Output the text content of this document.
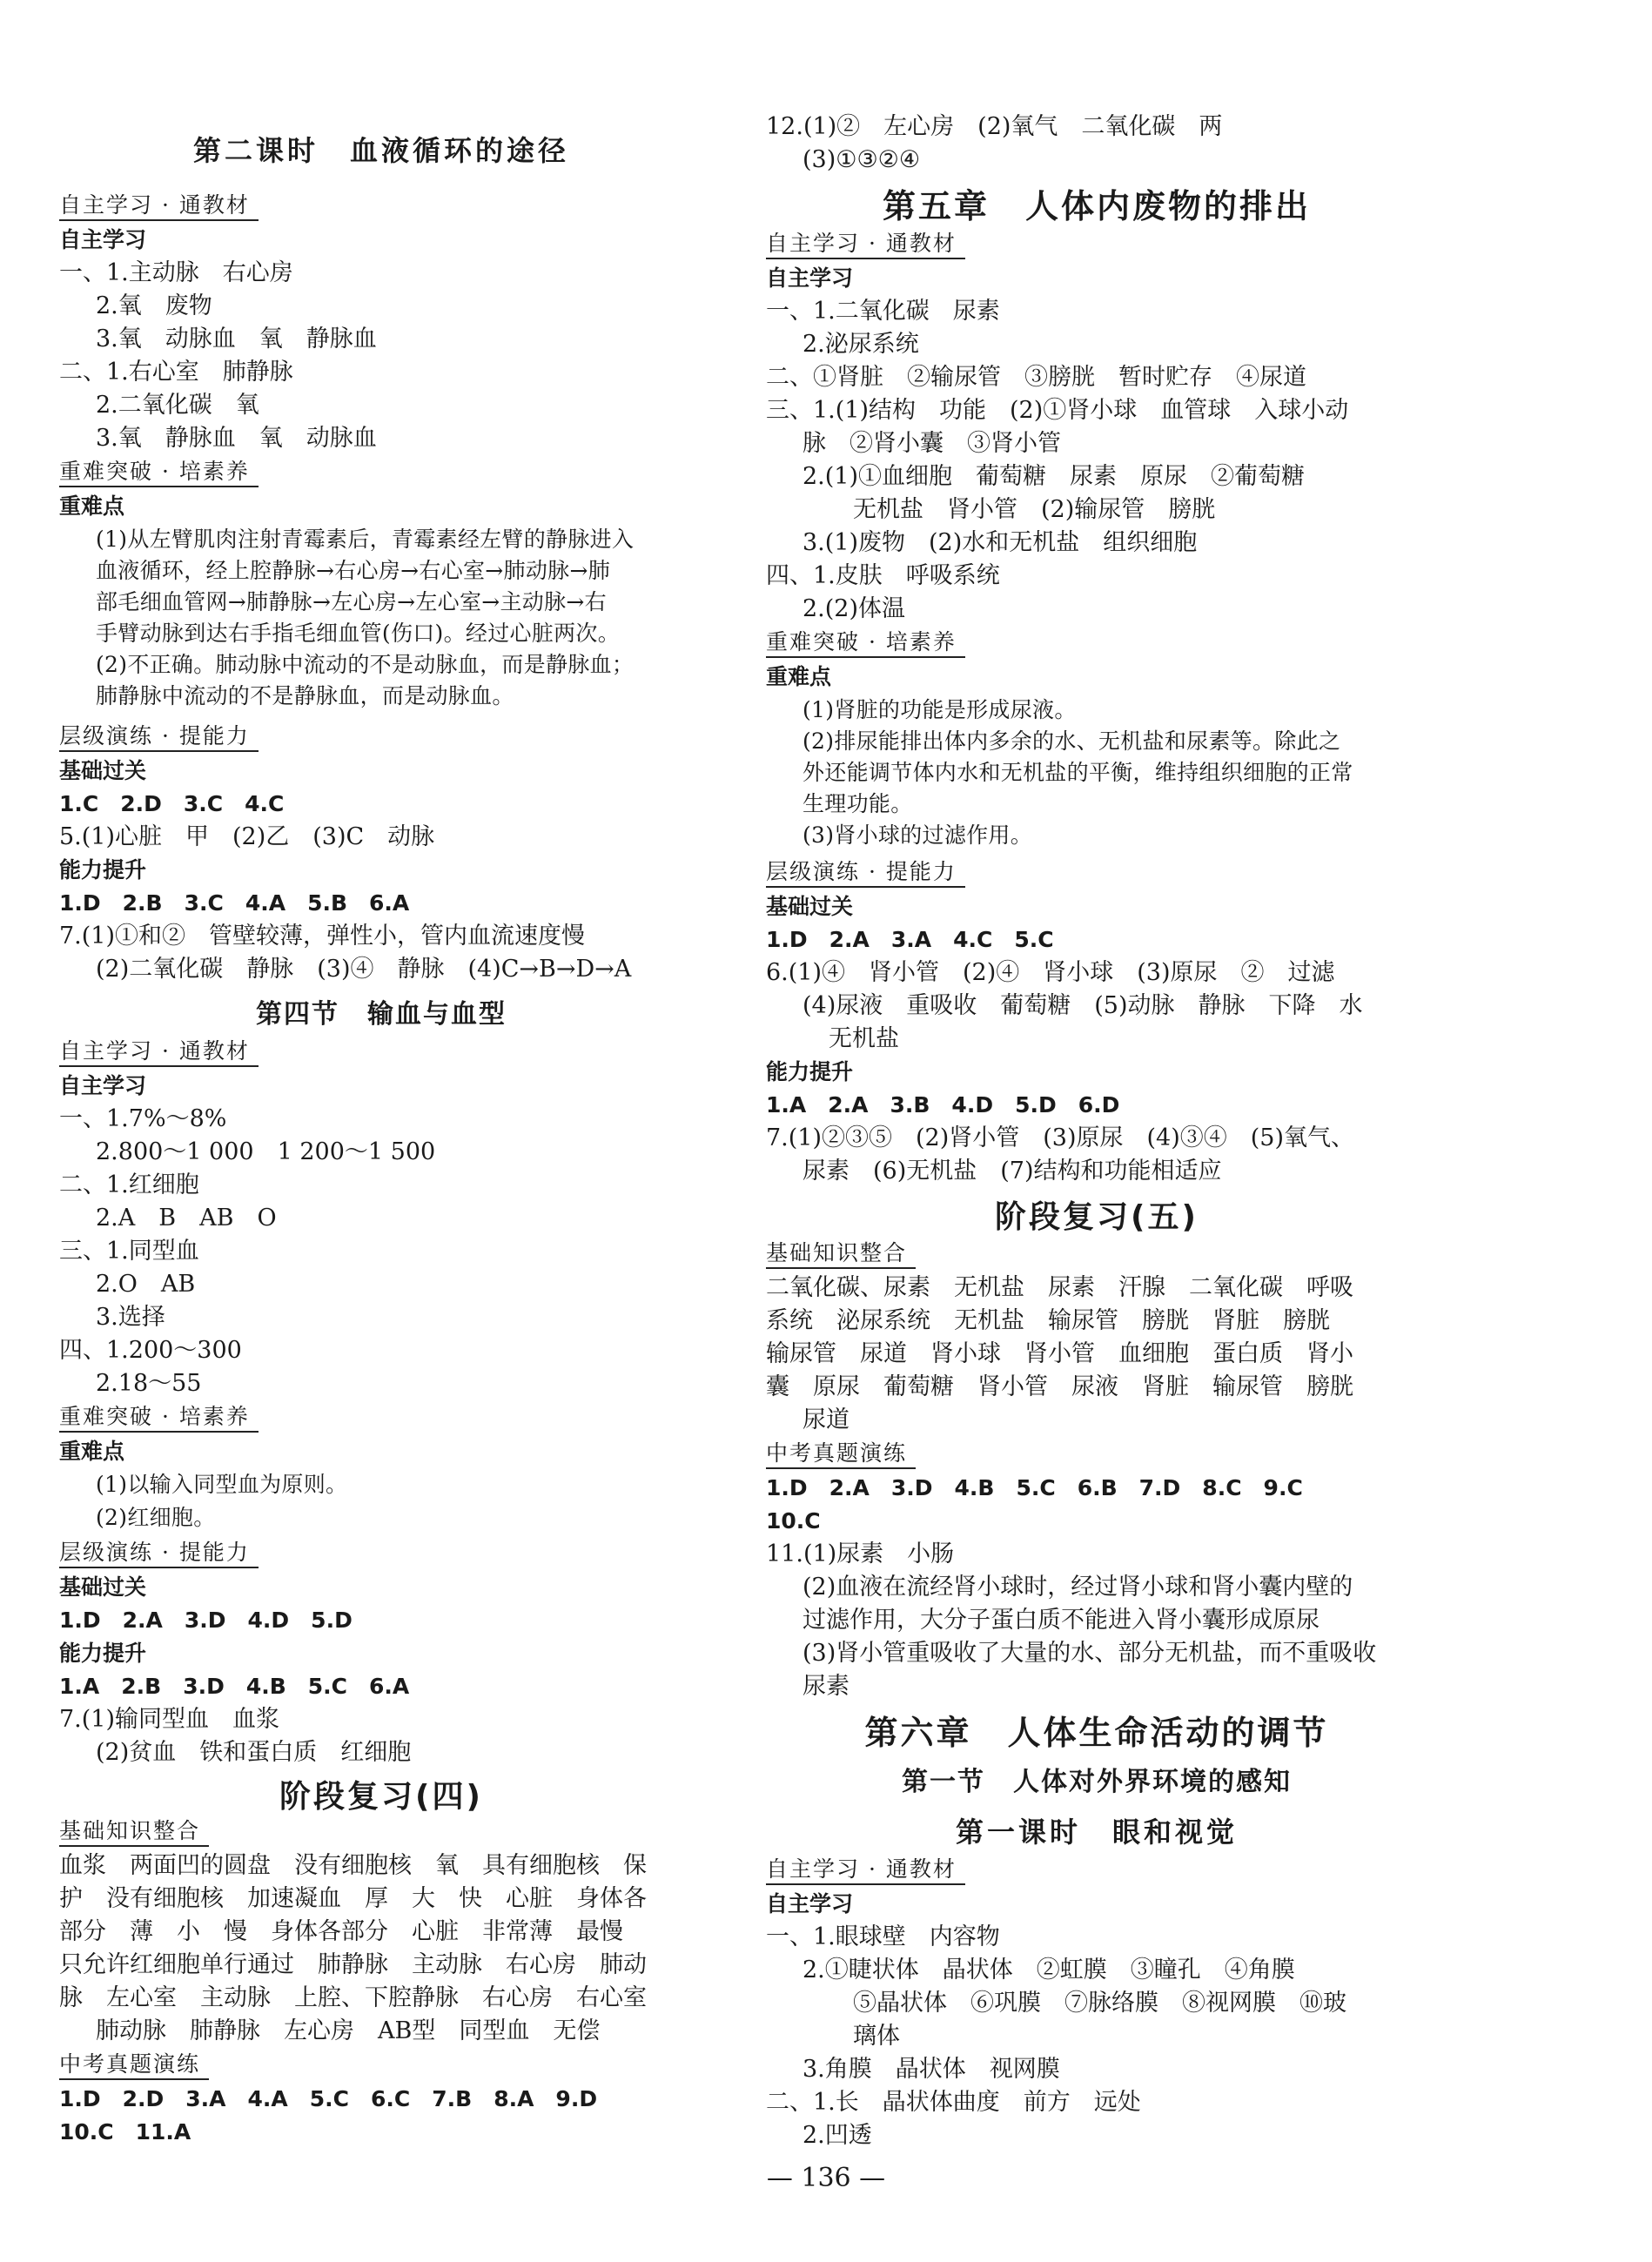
第二课时　血液循环的途径
自主学习 · 通教材
自主学习
一、1.主动脉　右心房
2.氧　废物
3.氧　动脉血　氧　静脉血
二、1.右心室　肺静脉
2.二氧化碳　氧
3.氧　静脉血　氧　动脉血
重难突破 · 培素养
重难点
(1)从左臂肌肉注射青霉素后，青霉素经左臂的静脉进入
血液循环，经上腔静脉→右心房→右心室→肺动脉→肺
部毛细血管网→肺静脉→左心房→左心室→主动脉→右
手臂动脉到达右手指毛细血管(伤口)。经过心脏两次。
(2)不正确。肺动脉中流动的不是动脉血，而是静脉血；
肺静脉中流动的不是静脉血，而是动脉血。
层级演练 · 提能力
基础过关
1.C　2.D　3.C　4.C
5.(1)心脏　甲　(2)乙　(3)C　动脉
能力提升
1.D　2.B　3.C　4.A　5.B　6.A
7.(1)①和②　管壁较薄，弹性小，管内血流速度慢
(2)二氧化碳　静脉　(3)④　静脉　(4)C→B→D→A
第四节　输血与血型
自主学习 · 通教材
自主学习
一、1.7%～8%
2.800～1 000　1 200～1 500
二、1.红细胞
2.A　B　AB　O
三、1.同型血
2.O　AB
3.选择
四、1.200～300
2.18～55
重难突破 · 培素养
重难点
(1)以输入同型血为原则。
(2)红细胞。
层级演练 · 提能力
基础过关
1.D　2.A　3.D　4.D　5.D
能力提升
1.A　2.B　3.D　4.B　5.C　6.A
7.(1)输同型血　血浆
(2)贫血　铁和蛋白质　红细胞
阶段复习(四)
基础知识整合
血浆　两面凹的圆盘　没有细胞核　氧　具有细胞核　保
护　没有细胞核　加速凝血　厚　大　快　心脏　身体各
部分　薄　小　慢　身体各部分　心脏　非常薄　最慢
只允许红细胞单行通过　肺静脉　主动脉　右心房　肺动
脉　左心室　主动脉　上腔、下腔静脉　右心房　右心室
肺动脉　肺静脉　左心房　AB型　同型血　无偿
中考真题演练
1.D　2.D　3.A　4.A　5.C　6.C　7.B　8.A　9.D
10.C　11.A
12.(1)②　左心房　(2)氧气　二氧化碳　两
(3)①③②④
第五章　人体内废物的排出
自主学习 · 通教材
自主学习
一、1.二氧化碳　尿素
2.泌尿系统
二、①肾脏　②输尿管　③膀胱　暂时贮存　④尿道
三、1.(1)结构　功能　(2)①肾小球　血管球　入球小动
脉　②肾小囊　③肾小管
2.(1)①血细胞　葡萄糖　尿素　原尿　②葡萄糖
无机盐　肾小管　(2)输尿管　膀胱
3.(1)废物　(2)水和无机盐　组织细胞
四、1.皮肤　呼吸系统
2.(2)体温
重难突破 · 培素养
重难点
(1)肾脏的功能是形成尿液。
(2)排尿能排出体内多余的水、无机盐和尿素等。除此之
外还能调节体内水和无机盐的平衡，维持组织细胞的正常
生理功能。
(3)肾小球的过滤作用。
层级演练 · 提能力
基础过关
1.D　2.A　3.A　4.C　5.C
6.(1)④　肾小管　(2)④　肾小球　(3)原尿　②　过滤
(4)尿液　重吸收　葡萄糖　(5)动脉　静脉　下降　水
无机盐
能力提升
1.A　2.A　3.B　4.D　5.D　6.D
7.(1)②③⑤　(2)肾小管　(3)原尿　(4)③④　(5)氧气、
尿素　(6)无机盐　(7)结构和功能相适应
阶段复习(五)
基础知识整合
二氧化碳、尿素　无机盐　尿素　汗腺　二氧化碳　呼吸
系统　泌尿系统　无机盐　输尿管　膀胱　肾脏　膀胱
输尿管　尿道　肾小球　肾小管　血细胞　蛋白质　肾小
囊　原尿　葡萄糖　肾小管　尿液　肾脏　输尿管　膀胱
尿道
中考真题演练
1.D　2.A　3.D　4.B　5.C　6.B　7.D　8.C　9.C
10.C
11.(1)尿素　小肠
(2)血液在流经肾小球时，经过肾小球和肾小囊内壁的
过滤作用，大分子蛋白质不能进入肾小囊形成原尿
(3)肾小管重吸收了大量的水、部分无机盐，而不重吸收
尿素
第六章　人体生命活动的调节
第一节　人体对外界环境的感知
第一课时　眼和视觉
自主学习 · 通教材
自主学习
一、1.眼球壁　内容物
2.①睫状体　晶状体　②虹膜　③瞳孔　④角膜
⑤晶状体　⑥巩膜　⑦脉络膜　⑧视网膜　⑩玻
璃体
3.角膜　晶状体　视网膜
二、1.长　晶状体曲度　前方　远处
2.凹透
— 136 —
